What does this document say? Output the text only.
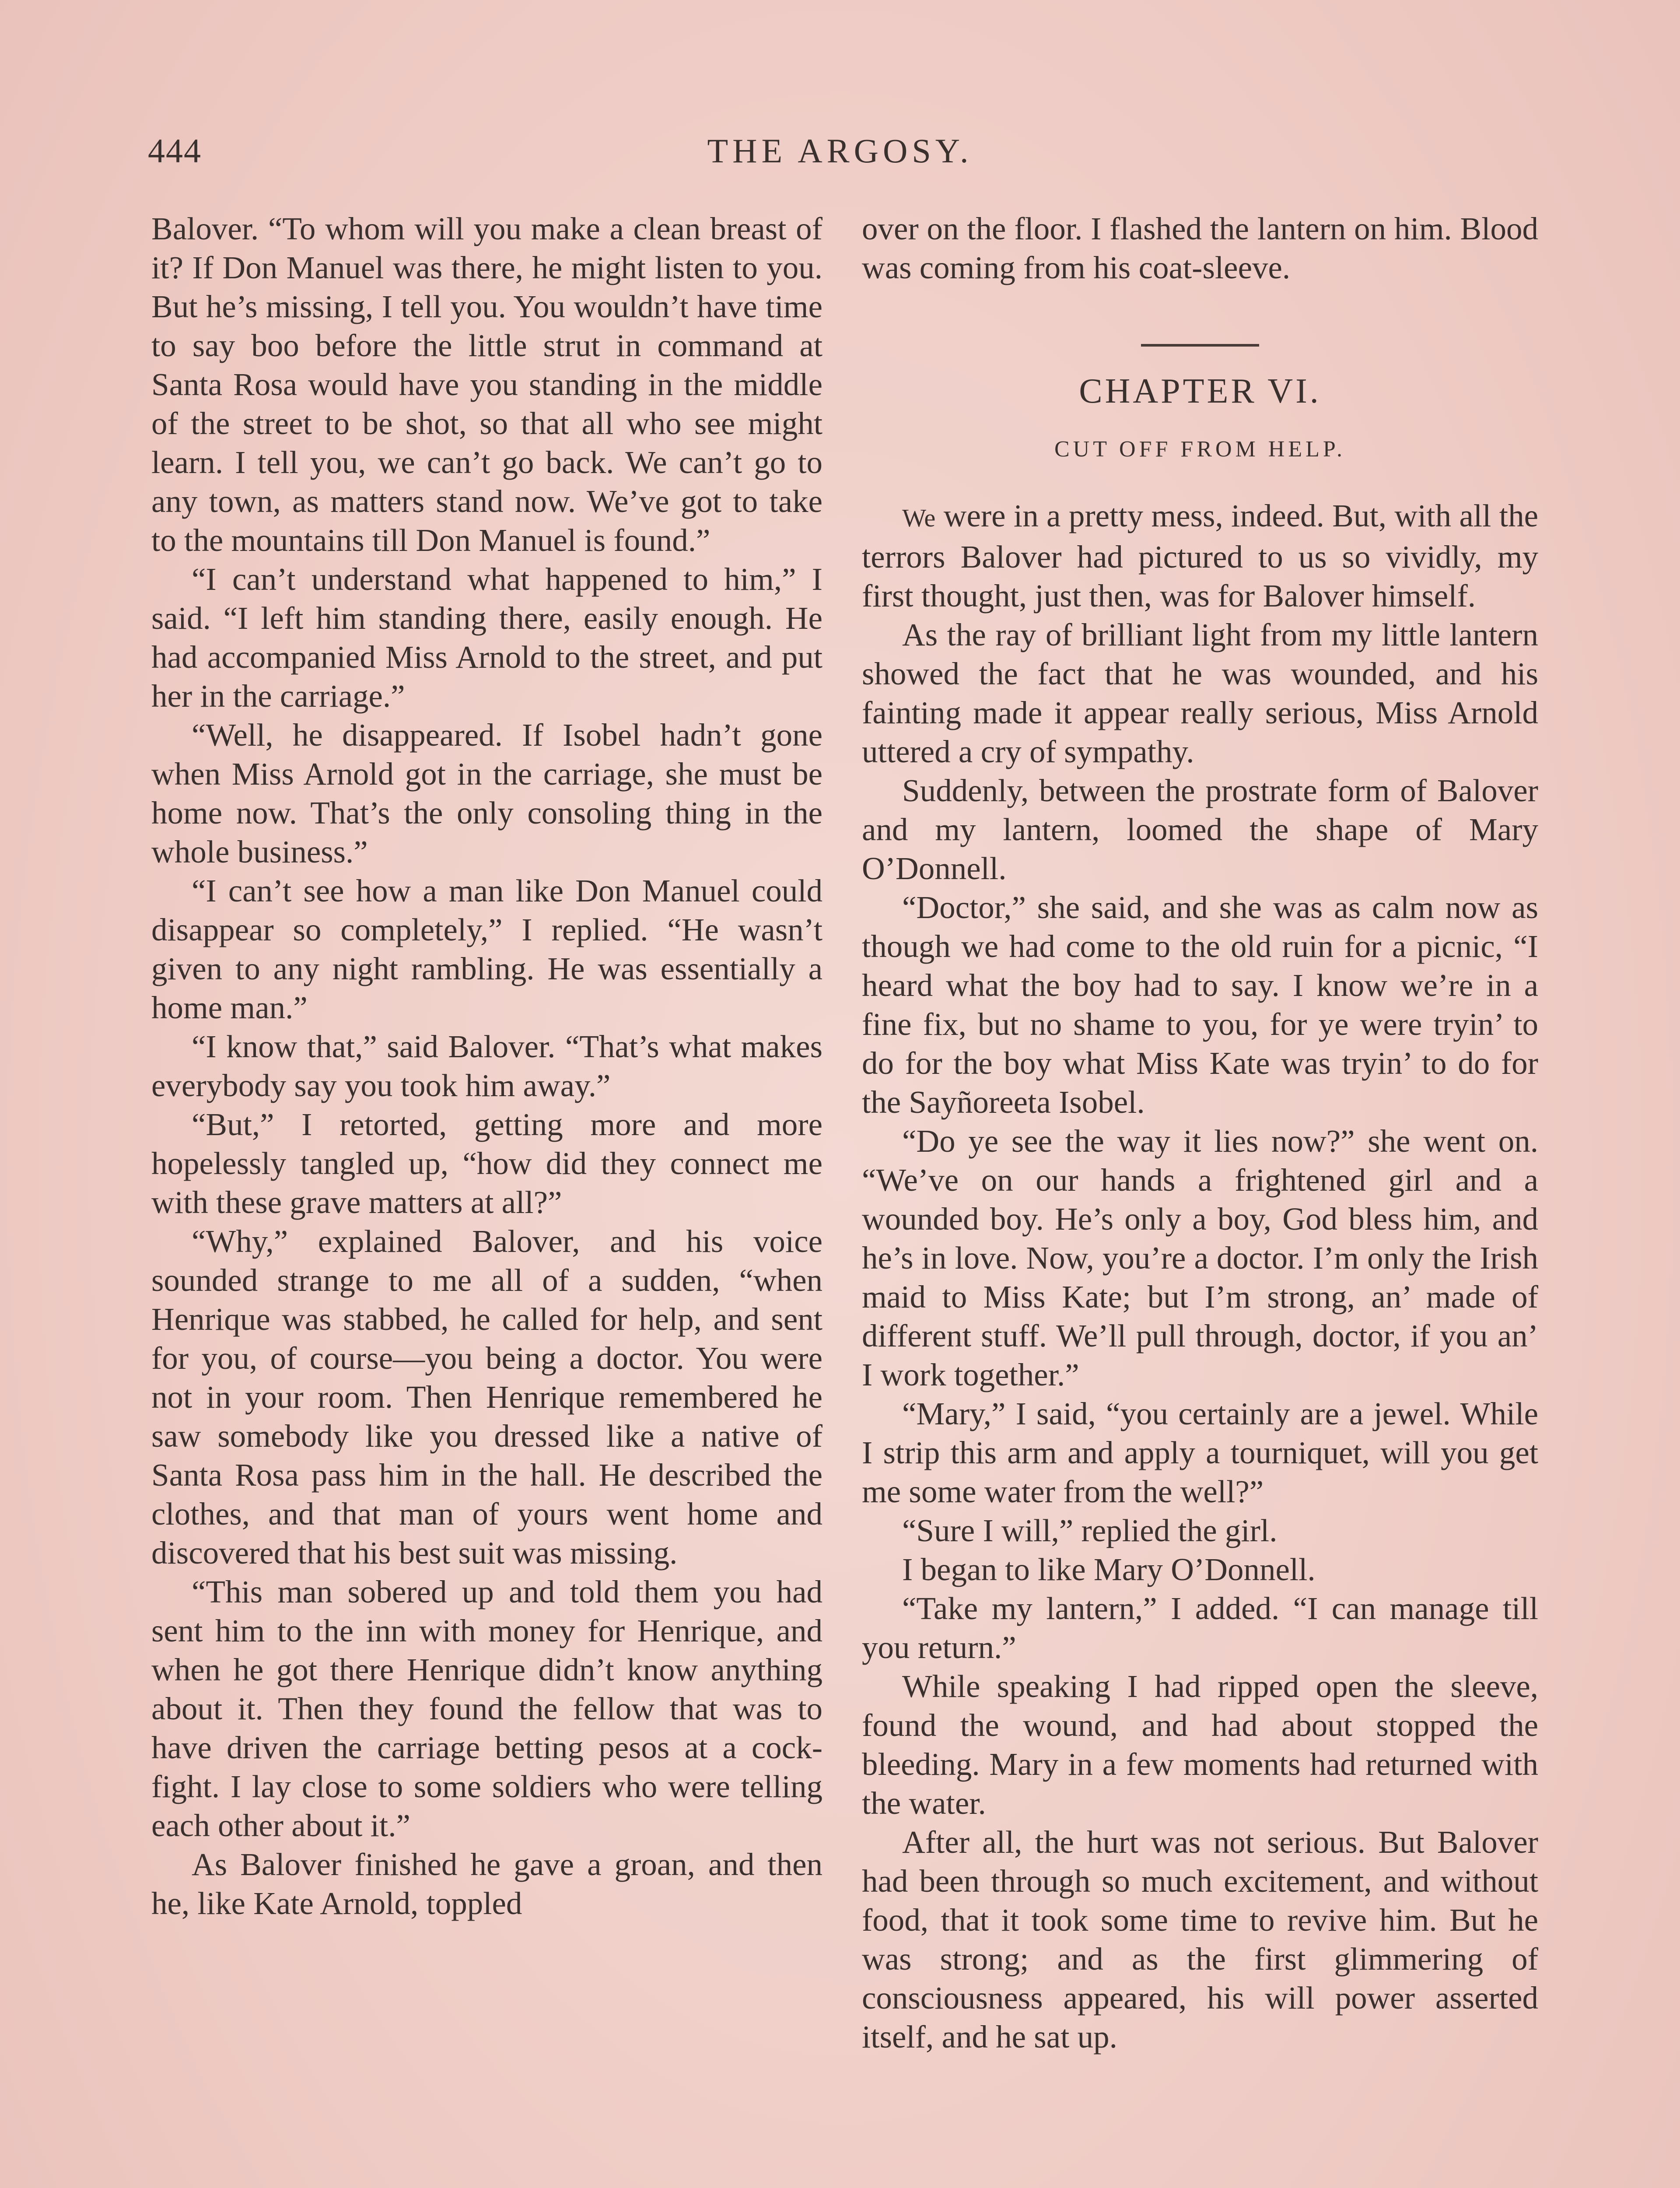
444	THE ARGOSY.

Balover. “To whom will you make a clean breast of it? If Don Manuel was there, he might listen to you. But he’s missing, I tell you. You wouldn’t have time to say boo before the little strut in command at Santa Rosa would have you standing in the middle of the street to be shot, so that all who see might learn. I tell you, we can’t go back. We can’t go to any town, as matters stand now. We’ve got to take to the mountains till Don Manuel is found.”

“I can’t understand what happened to him,” I said. “I left him standing there, easily enough. He had accompanied Miss Arnold to the street, and put her in the carriage.”

“Well, he disappeared. If Isobel hadn’t gone when Miss Arnold got in the carriage, she must be home now. That’s the only consoling thing in the whole business.”

“I can’t see how a man like Don Manuel could disappear so completely,” I replied. “He wasn’t given to any night rambling. He was essentially a home man.”

“I know that,” said Balover. “That’s what makes everybody say you took him away.”

“But,” I retorted, getting more and more hopelessly tangled up, “how did they connect me with these grave matters at all?”

“Why,” explained Balover, and his voice sounded strange to me all of a sudden, “when Henrique was stabbed, he called for help, and sent for you, of course—you being a doctor. You were not in your room. Then Henrique remembered he saw somebody like you dressed like a native of Santa Rosa pass him in the hall. He described the clothes, and that man of yours went home and discovered that his best suit was missing.

“This man sobered up and told them you had sent him to the inn with money for Henrique, and when he got there Henrique didn’t know anything about it. Then they found the fellow that was to have driven the carriage betting pesos at a cock-fight. I lay close to some soldiers who were telling each other about it.”

As Balover finished he gave a groan, and then he, like Kate Arnold, toppled

over on the floor. I flashed the lantern on him. Blood was coming from his coat-sleeve.

CHAPTER VI.
CUT OFF FROM HELP.

We were in a pretty mess, indeed. But, with all the terrors Balover had pictured to us so vividly, my first thought, just then, was for Balover himself.

As the ray of brilliant light from my little lantern showed the fact that he was wounded, and his fainting made it appear really serious, Miss Arnold uttered a cry of sympathy.

Suddenly, between the prostrate form of Balover and my lantern, loomed the shape of Mary O’Donnell.

“Doctor,” she said, and she was as calm now as though we had come to the old ruin for a picnic, “I heard what the boy had to say. I know we’re in a fine fix, but no shame to you, for ye were tryin’ to do for the boy what Miss Kate was tryin’ to do for the Sayñoreeta Isobel.

“Do ye see the way it lies now?” she went on. “We’ve on our hands a frightened girl and a wounded boy. He’s only a boy, God bless him, and he’s in love. Now, you’re a doctor. I’m only the Irish maid to Miss Kate; but I’m strong, an’ made of different stuff. We’ll pull through, doctor, if you an’ I work together.”

“Mary,” I said, “you certainly are a jewel. While I strip this arm and apply a tourniquet, will you get me some water from the well?”

“Sure I will,” replied the girl.

I began to like Mary O’Donnell.

“Take my lantern,” I added. “I can manage till you return.”

While speaking I had ripped open the sleeve, found the wound, and had about stopped the bleeding. Mary in a few moments had returned with the water.

After all, the hurt was not serious. But Balover had been through so much excitement, and without food, that it took some time to revive him. But he was strong; and as the first glimmering of consciousness appeared, his will power asserted itself, and he sat up.
